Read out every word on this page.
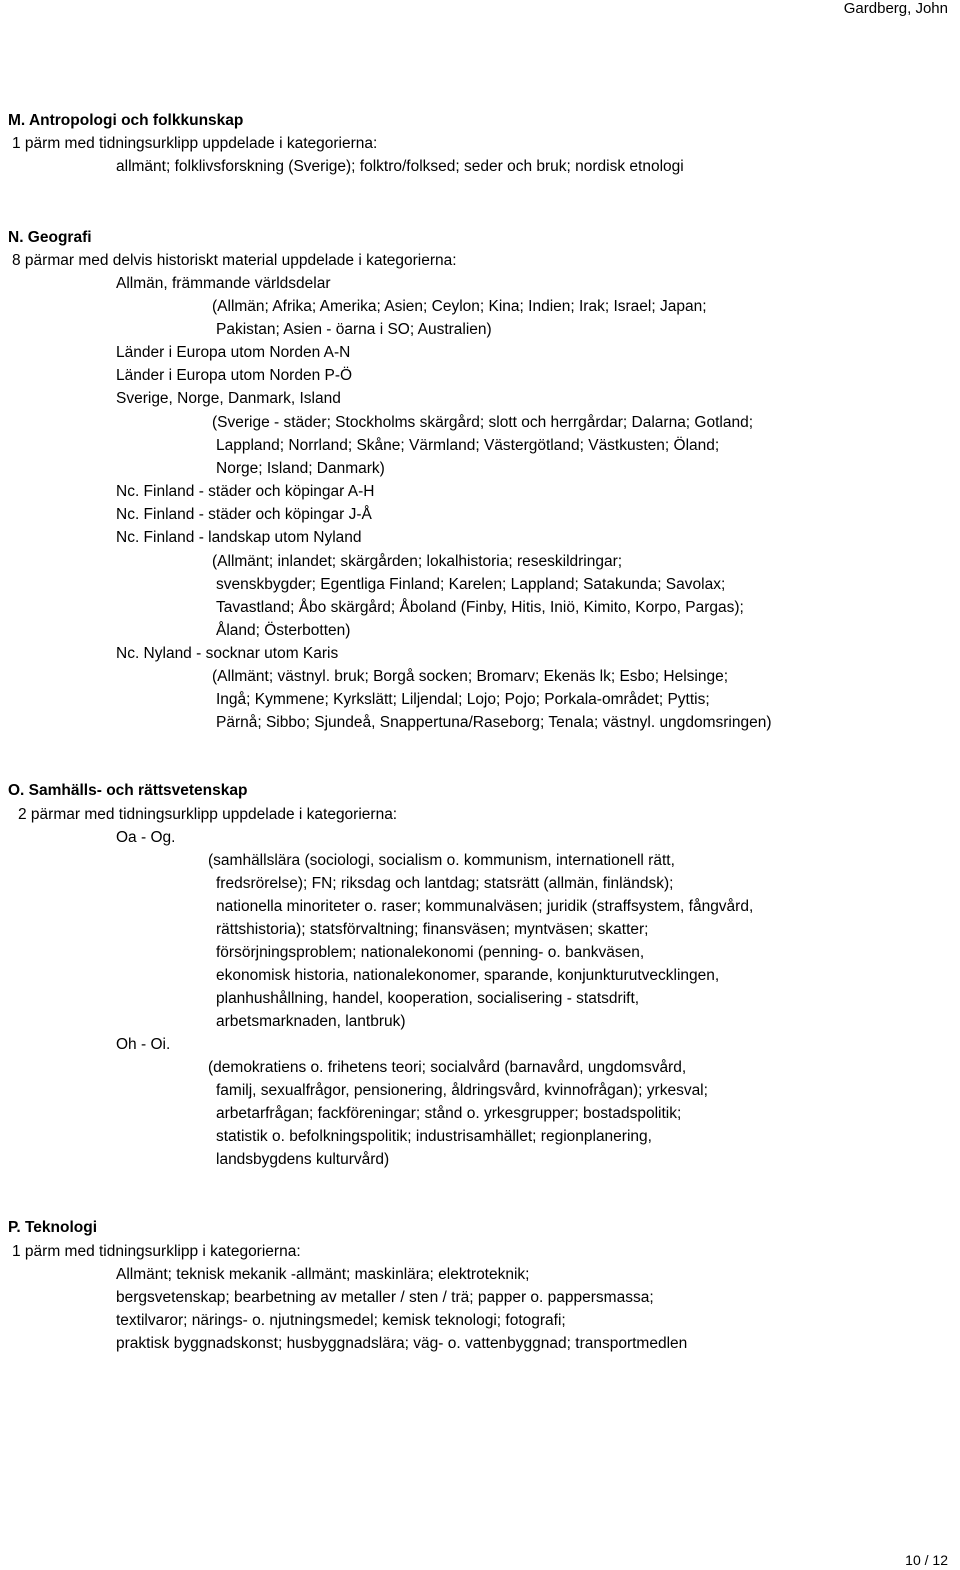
Gardberg, John
M. Antropologi och folkkunskap
1 pärm med tidningsurklipp uppdelade i kategorierna:
allmänt; folklivsforskning (Sverige); folktro/folksed; seder och bruk; nordisk etnologi
N. Geografi
8 pärmar med delvis historiskt material uppdelade i kategorierna:
Allmän, främmande världsdelar
(Allmän; Afrika; Amerika; Asien; Ceylon; Kina; Indien; Irak; Israel; Japan;
Pakistan; Asien - öarna i SO; Australien)
Länder i Europa utom Norden A-N
Länder i Europa utom Norden P-Ö
Sverige, Norge, Danmark, Island
(Sverige - städer; Stockholms skärgård; slott och herrgårdar; Dalarna; Gotland;
Lappland; Norrland; Skåne; Värmland; Västergötland; Västkusten; Öland;
Norge; Island; Danmark)
Nc. Finland - städer och köpingar A-H
Nc. Finland - städer och köpingar J-Å
Nc. Finland - landskap utom Nyland
(Allmänt; inlandet; skärgården; lokalhistoria; reseskildringar;
svenskbygder; Egentliga Finland; Karelen; Lappland; Satakunda; Savolax;
Tavastland; Åbo skärgård; Åboland (Finby, Hitis, Iniö, Kimito, Korpo, Pargas);
Åland; Österbotten)
Nc. Nyland - socknar utom Karis
(Allmänt; västnyl. bruk; Borgå socken; Bromarv; Ekenäs lk; Esbo; Helsinge;
Ingå; Kymmene; Kyrkslätt; Liljendal; Lojo; Pojo; Porkala-området; Pyttis;
Pärnå; Sibbo; Sjundeå, Snappertuna/Raseborg; Tenala; västnyl. ungdomsringen)
O. Samhälls- och rättsvetenskap
2 pärmar med tidningsurklipp uppdelade i kategorierna:
Oa - Og.
(samhällslära (sociologi, socialism o. kommunism, internationell rätt,
fredsrörelse); FN; riksdag och lantdag; statsrätt (allmän, finländsk);
nationella minoriteter o. raser; kommunalväsen; juridik (straffsystem, fångvård,
rättshistoria); statsförvaltning; finansväsen; myntväsen; skatter;
försörjningsproblem; nationalekonomi (penning- o. bankväsen,
ekonomisk historia, nationalekonomer, sparande, konjunkturutvecklingen,
planhushållning, handel, kooperation, socialisering - statsdrift,
arbetsmarknaden, lantbruk)
Oh - Oi.
(demokratiens o. frihetens teori; socialvård (barnavård, ungdomsvård,
familj, sexualfrågor, pensionering, åldringsvård, kvinnofrågan); yrkesval;
arbetarfrågan; fackföreningar; stånd o. yrkesgrupper; bostadspolitik;
statistik o. befolkningspolitik; industrisamhället; regionplanering,
landsbygdens kulturvård)
P. Teknologi
1 pärm med tidningsurklipp i kategorierna:
Allmänt; teknisk mekanik -allmänt; maskinlära; elektroteknik;
bergsvetenskap; bearbetning av metaller / sten / trä; papper o. pappersmassa;
textilvaror; närings- o. njutningsmedel; kemisk teknologi; fotografi;
praktisk byggnadskonst; husbyggnadslära; väg- o. vattenbyggnad; transportmedlen
10 / 12
